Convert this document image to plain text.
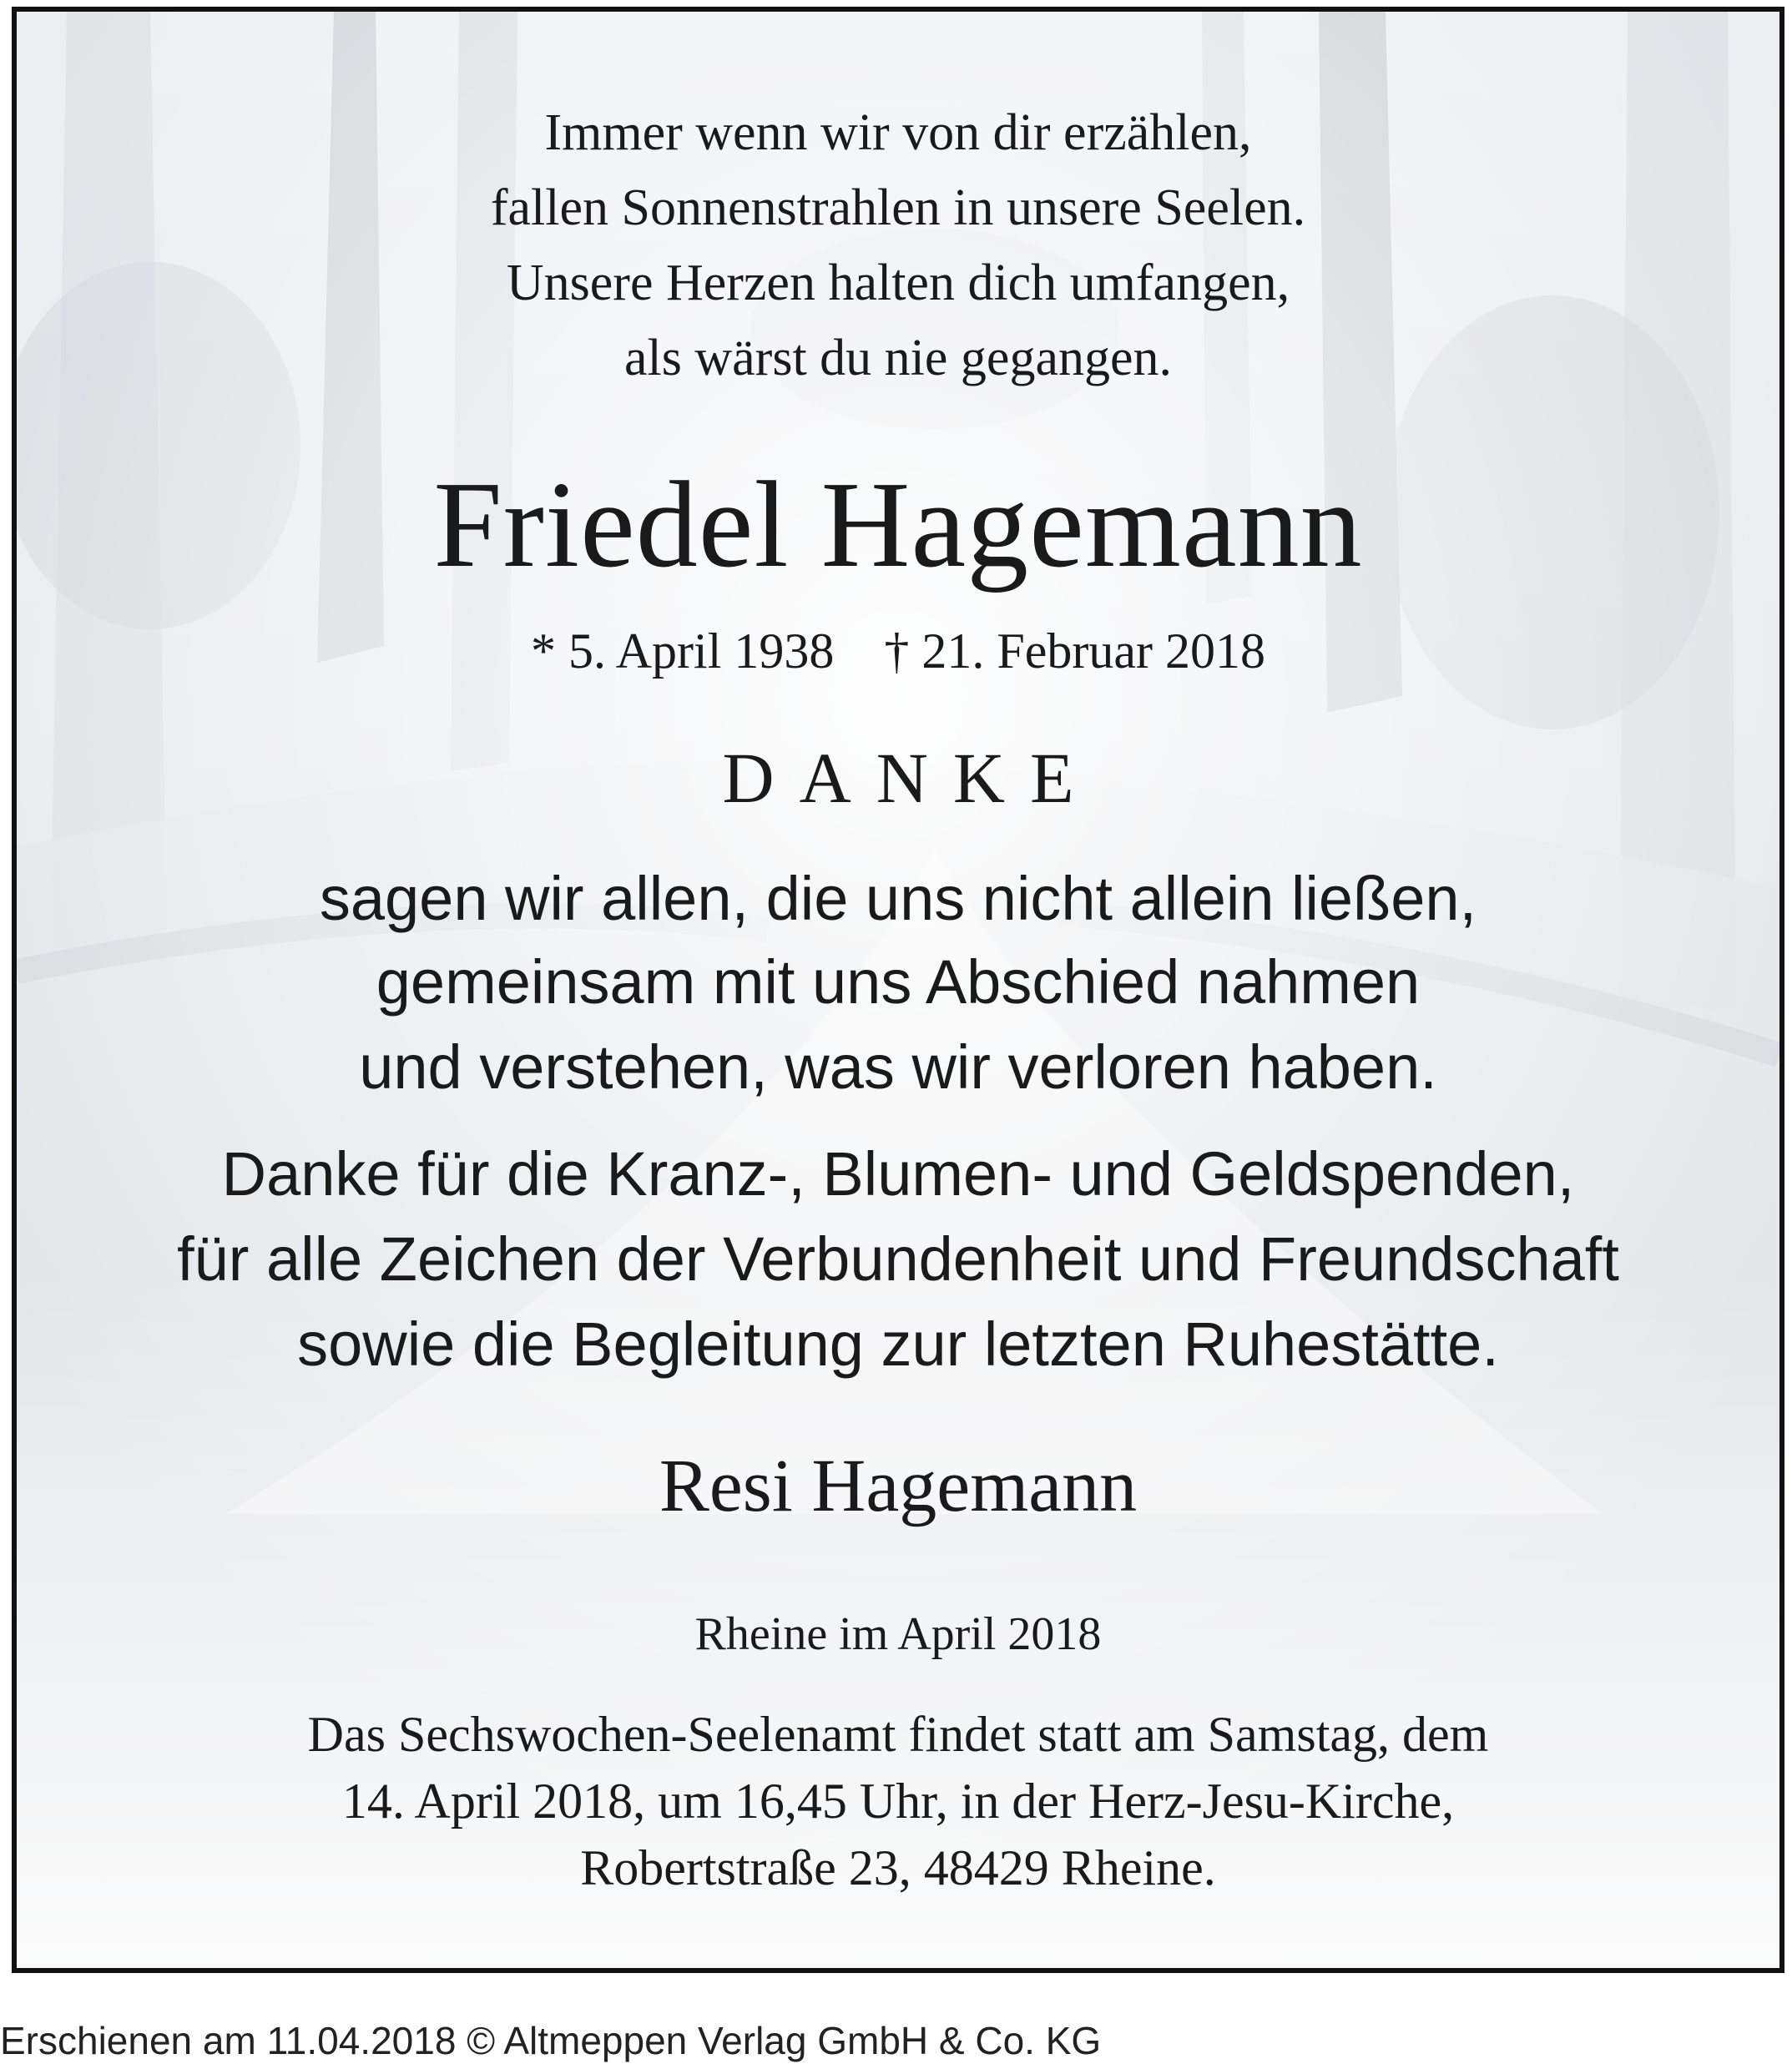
Immer wenn wir von dir erzählen,
fallen Sonnenstrahlen in unsere Seelen.
Unsere Herzen halten dich umfangen,
als wärst du nie gegangen.
Friedel Hagemann
* 5. April 1938    † 21. Februar 2018
DANKE
sagen wir allen, die uns nicht allein ließen,
gemeinsam mit uns Abschied nahmen
und verstehen, was wir verloren haben.
Danke für die Kranz-, Blumen- und Geldspenden,
für alle Zeichen der Verbundenheit und Freundschaft
sowie die Begleitung zur letzten Ruhestätte.
Resi Hagemann
Rheine im April 2018
Das Sechswochen-Seelenamt findet statt am Samstag, dem
14. April 2018, um 16,45 Uhr, in der Herz-Jesu-Kirche,
Robertstraße 23, 48429 Rheine.
Erschienen am 11.04.2018 © Altmeppen Verlag GmbH & Co. KG
